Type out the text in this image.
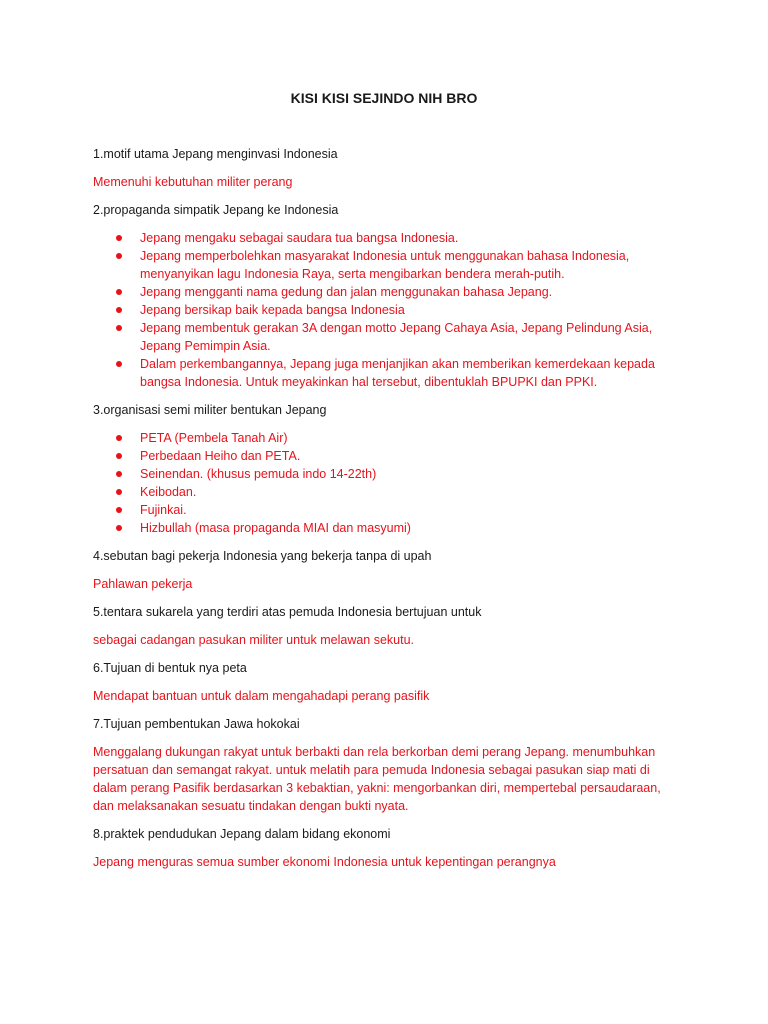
KISI KISI SEJINDO NIH BRO

1.motif utama Jepang menginvasi Indonesia

Memenuhi kebutuhan militer perang

2.propaganda simpatik Jepang ke Indonesia

Jepang mengaku sebagai saudara tua bangsa Indonesia.
Jepang memperbolehkan masyarakat Indonesia untuk menggunakan bahasa Indonesia, menyanyikan lagu Indonesia Raya, serta mengibarkan bendera merah-putih.
Jepang mengganti nama gedung dan jalan menggunakan bahasa Jepang.
Jepang bersikap baik kepada bangsa Indonesia
Jepang membentuk gerakan 3A dengan motto Jepang Cahaya Asia, Jepang Pelindung Asia, Jepang Pemimpin Asia.
Dalam perkembangannya, Jepang juga menjanjikan akan memberikan kemerdekaan kepada bangsa Indonesia. Untuk meyakinkan hal tersebut, dibentuklah BPUPKI dan PPKI.

3.organisasi semi militer bentukan Jepang

PETA (Pembela Tanah Air)
Perbedaan Heiho dan PETA.
Seinendan. (khusus pemuda indo 14-22th)
Keibodan.
Fujinkai.
Hizbullah (masa propaganda MIAI dan masyumi)

4.sebutan bagi pekerja Indonesia yang bekerja tanpa di upah

Pahlawan pekerja

5.tentara sukarela yang terdiri atas pemuda Indonesia bertujuan untuk

sebagai cadangan pasukan militer untuk melawan sekutu.

6.Tujuan di bentuk nya peta

Mendapat bantuan untuk dalam mengahadapi perang pasifik

7.Tujuan pembentukan Jawa hokokai

Menggalang dukungan rakyat untuk berbakti dan rela berkorban demi perang Jepang. menumbuhkan persatuan dan semangat rakyat. untuk melatih para pemuda Indonesia sebagai pasukan siap mati di dalam perang Pasifik berdasarkan 3 kebaktian, yakni: mengorbankan diri, mempertebal persaudaraan, dan melaksanakan sesuatu tindakan dengan bukti nyata.

8.praktek pendudukan Jepang dalam bidang ekonomi

Jepang menguras semua sumber ekonomi Indonesia untuk kepentingan perangnya
